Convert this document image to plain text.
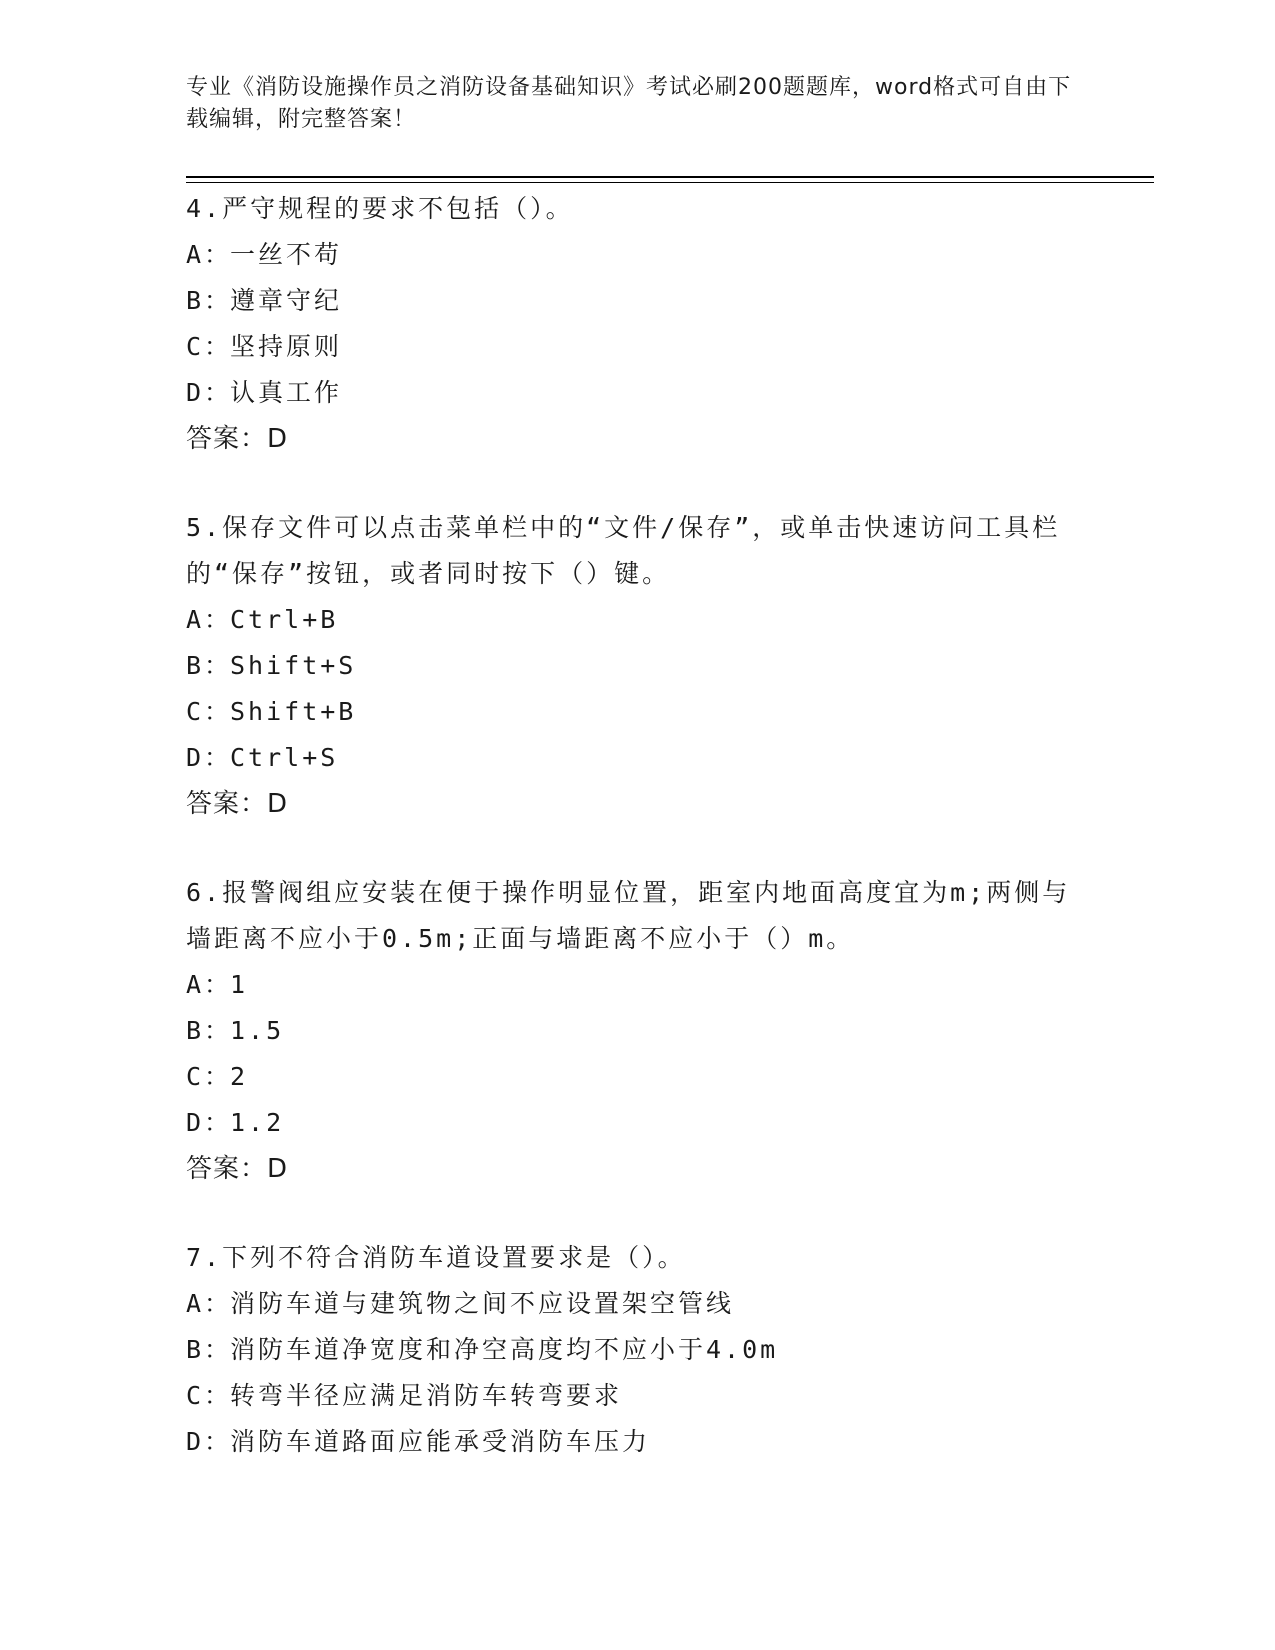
专业《消防设施操作员之消防设备基础知识》考试必刷200题题库，word格式可自由下载编辑，附完整答案！

4.严守规程的要求不包括（）。

A：一丝不苟

B：遵章守纪

C：坚持原则

D：认真工作

答案：D

5.保存文件可以点击菜单栏中的“文件/保存”，或单击快速访问工具栏的“保存”按钮，或者同时按下（）键。

A：Ctrl+B

B：Shift+S

C：Shift+B

D：Ctrl+S

答案：D

6.报警阀组应安装在便于操作明显位置，距室内地面高度宜为m;两侧与墙距离不应小于0.5m;正面与墙距离不应小于（）m。

A：1

B：1.5

C：2

D：1.2

答案：D

7.下列不符合消防车道设置要求是（）。

A：消防车道与建筑物之间不应设置架空管线

B：消防车道净宽度和净空高度均不应小于4.0m

C：转弯半径应满足消防车转弯要求

D：消防车道路面应能承受消防车压力
